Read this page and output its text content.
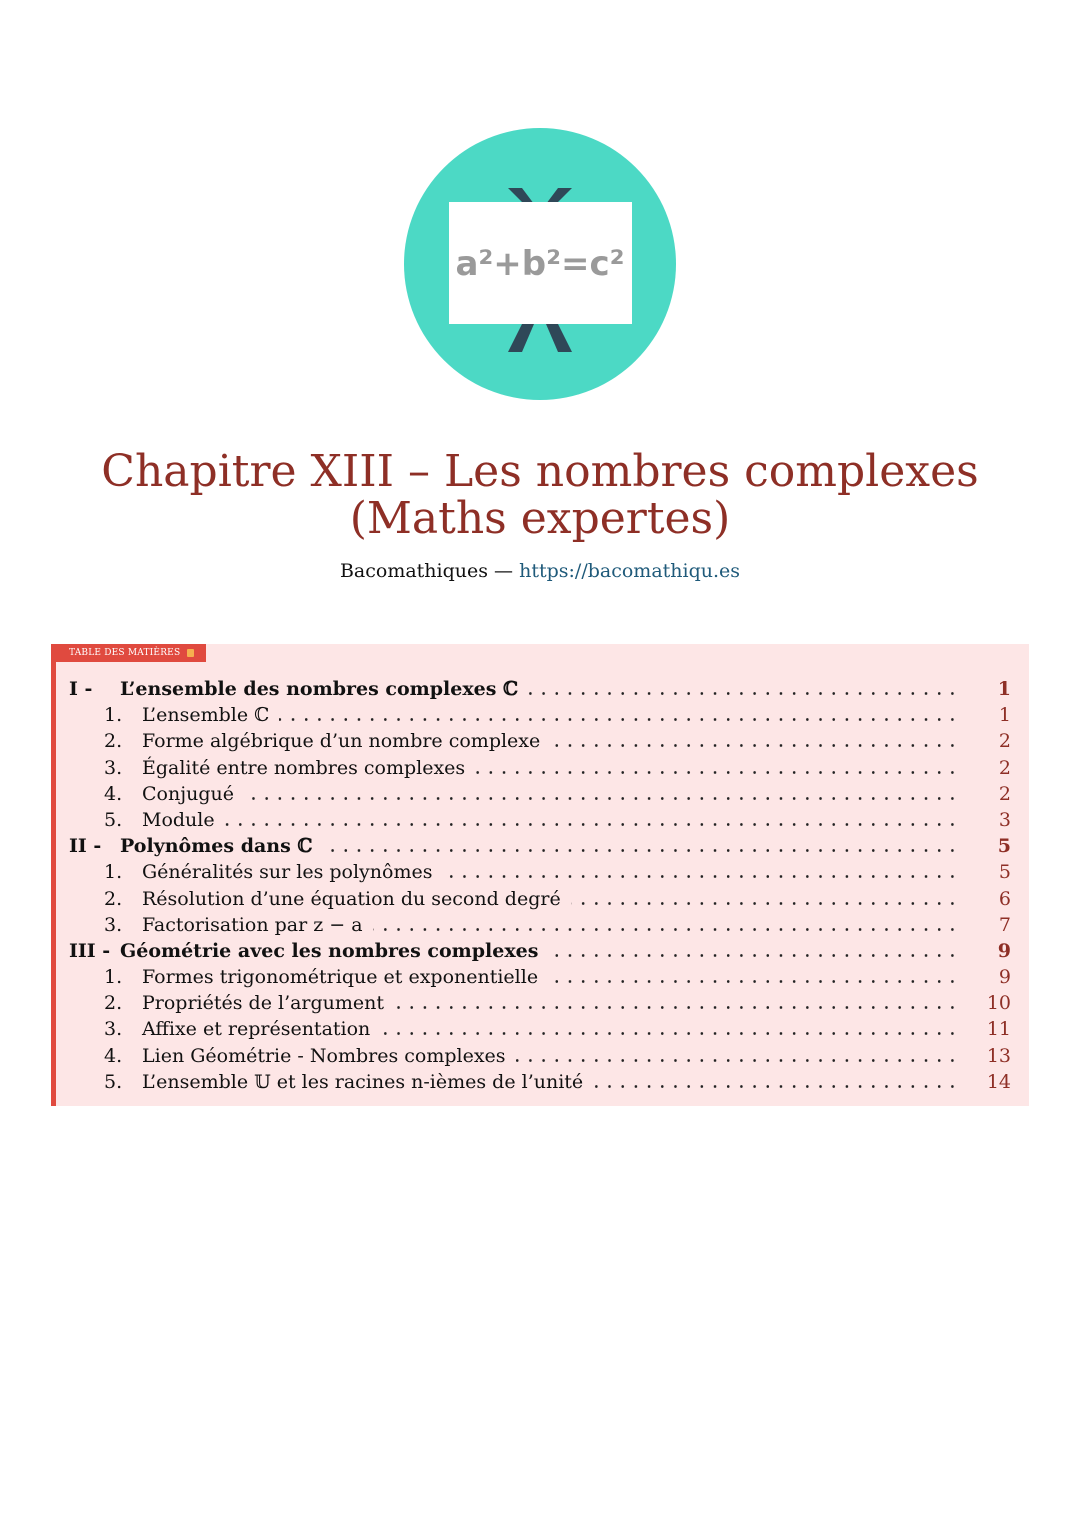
a²+b²=c²
Chapitre XIII – Les nombres complexes (Maths expertes)
Bacomathiques — https://bacomathiqu.es
TABLE DES MATIÈRES
I - L’ensemble des nombres complexes ℂ	1
1. L’ensemble ℂ	1
2. Forme algébrique d’un nombre complexe	2
3. Égalité entre nombres complexes	2
4. Conjugué	2
5. Module	3
II - Polynômes dans ℂ	5
1. Généralités sur les polynômes	5
2. Résolution d’une équation du second degré	6
3. Factorisation par z − a	7
III - Géométrie avec les nombres complexes	9
1. Formes trigonométrique et exponentielle	9
2. Propriétés de l’argument	10
3. Affixe et représentation	11
4. Lien Géométrie - Nombres complexes	13
5. L’ensemble 𝕌 et les racines n-ièmes de l’unité	14
